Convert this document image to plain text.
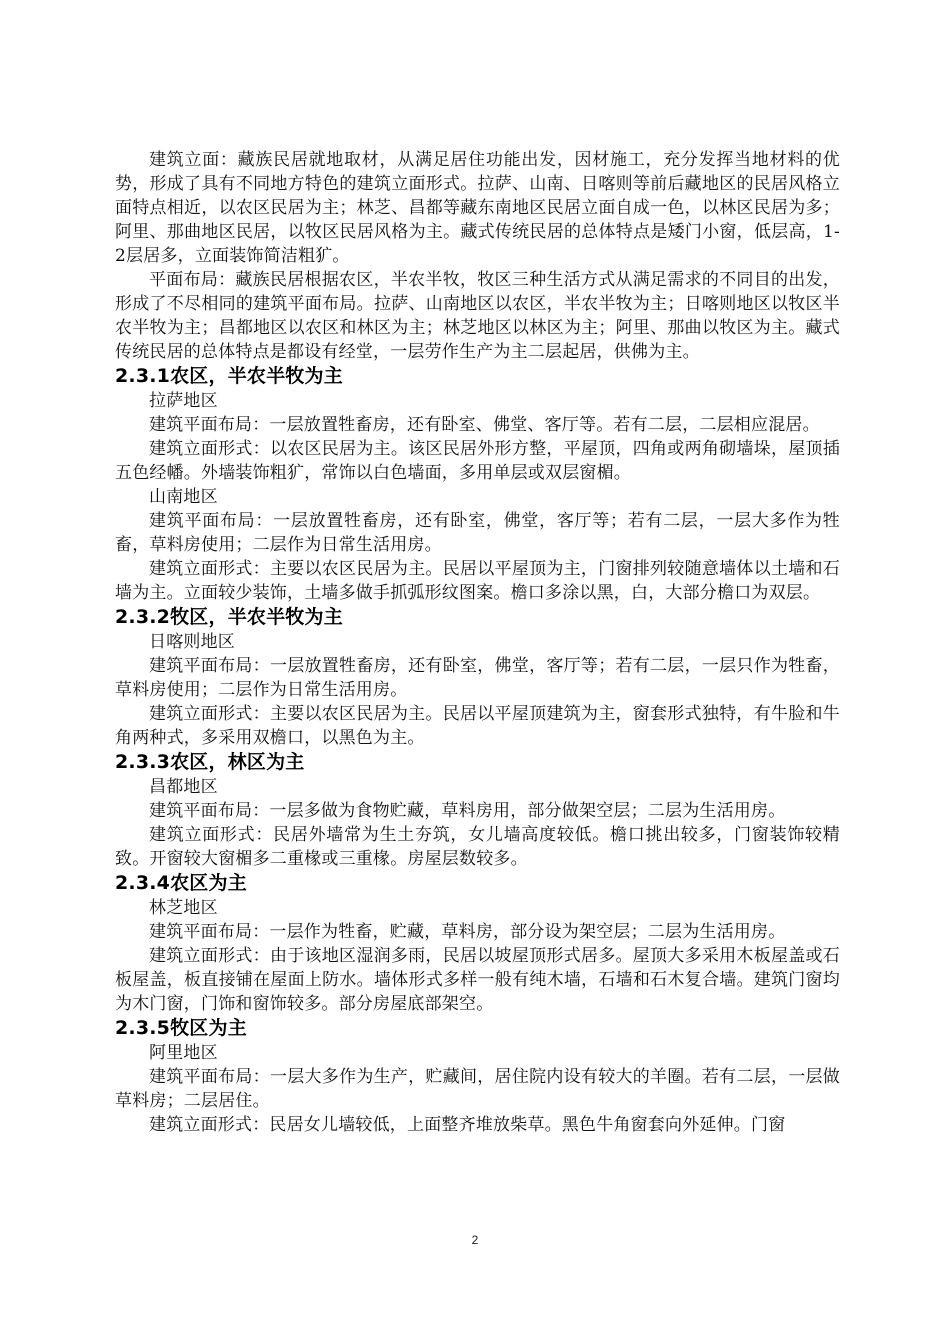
建筑立面：藏族民居就地取材，从满足居住功能出发，因材施工，充分发挥当地材料的优势，形成了具有不同地方特色的建筑立面形式。拉萨、山南、日喀则等前后藏地区的民居风格立面特点相近，以农区民居为主；林芝、昌都等藏东南地区民居立面自成一色，以林区民居为多；阿里、那曲地区民居，以牧区民居风格为主。藏式传统民居的总体特点是矮门小窗，低层高，1-2层居多，立面装饰简洁粗犷。

平面布局：藏族民居根据农区，半农半牧，牧区三种生活方式从满足需求的不同目的出发，形成了不尽相同的建筑平面布局。拉萨、山南地区以农区，半农半牧为主；日喀则地区以牧区半农半牧为主；昌都地区以农区和林区为主；林芝地区以林区为主；阿里、那曲以牧区为主。藏式传统民居的总体特点是都设有经堂，一层劳作生产为主二层起居，供佛为主。

2.3.1农区，半农半牧为主
拉萨地区

建筑平面布局：一层放置牲畜房，还有卧室、佛堂、客厅等。若有二层，二层相应混居。

建筑立面形式：以农区民居为主。该区民居外形方整，平屋顶，四角或两角砌墙垛，屋顶插五色经幡。外墙装饰粗犷，常饰以白色墙面，多用单层或双层窗楣。

山南地区

建筑平面布局：一层放置牲畜房，还有卧室，佛堂，客厅等；若有二层，一层大多作为牲畜，草料房使用；二层作为日常生活用房。

建筑立面形式：主要以农区民居为主。民居以平屋顶为主，门窗排列较随意墙体以土墙和石墙为主。立面较少装饰，土墙多做手抓弧形纹图案。檐口多涂以黑，白，大部分檐口为双层。

2.3.2牧区，半农半牧为主
日喀则地区

建筑平面布局：一层放置牲畜房，还有卧室，佛堂，客厅等；若有二层，一层只作为牲畜，草料房使用；二层作为日常生活用房。

建筑立面形式：主要以农区民居为主。民居以平屋顶建筑为主，窗套形式独特，有牛脸和牛角两种式，多采用双檐口，以黑色为主。

2.3.3农区，林区为主
昌都地区

建筑平面布局：一层多做为食物贮藏，草料房用，部分做架空层；二层为生活用房。

建筑立面形式：民居外墙常为生土夯筑，女儿墙高度较低。檐口挑出较多，门窗装饰较精致。开窗较大窗楣多二重椽或三重椽。房屋层数较多。

2.3.4农区为主
林芝地区

建筑平面布局：一层作为牲畜，贮藏，草料房，部分设为架空层；二层为生活用房。

建筑立面形式：由于该地区湿润多雨，民居以坡屋顶形式居多。屋顶大多采用木板屋盖或石板屋盖，板直接铺在屋面上防水。墙体形式多样一般有纯木墙，石墙和石木复合墙。建筑门窗均为木门窗，门饰和窗饰较多。部分房屋底部架空。

2.3.5牧区为主
阿里地区

建筑平面布局：一层大多作为生产，贮藏间，居住院内设有较大的羊圈。若有二层，一层做草料房；二层居住。

建筑立面形式：民居女儿墙较低，上面整齐堆放柴草。黑色牛角窗套向外延伸。门窗

2
